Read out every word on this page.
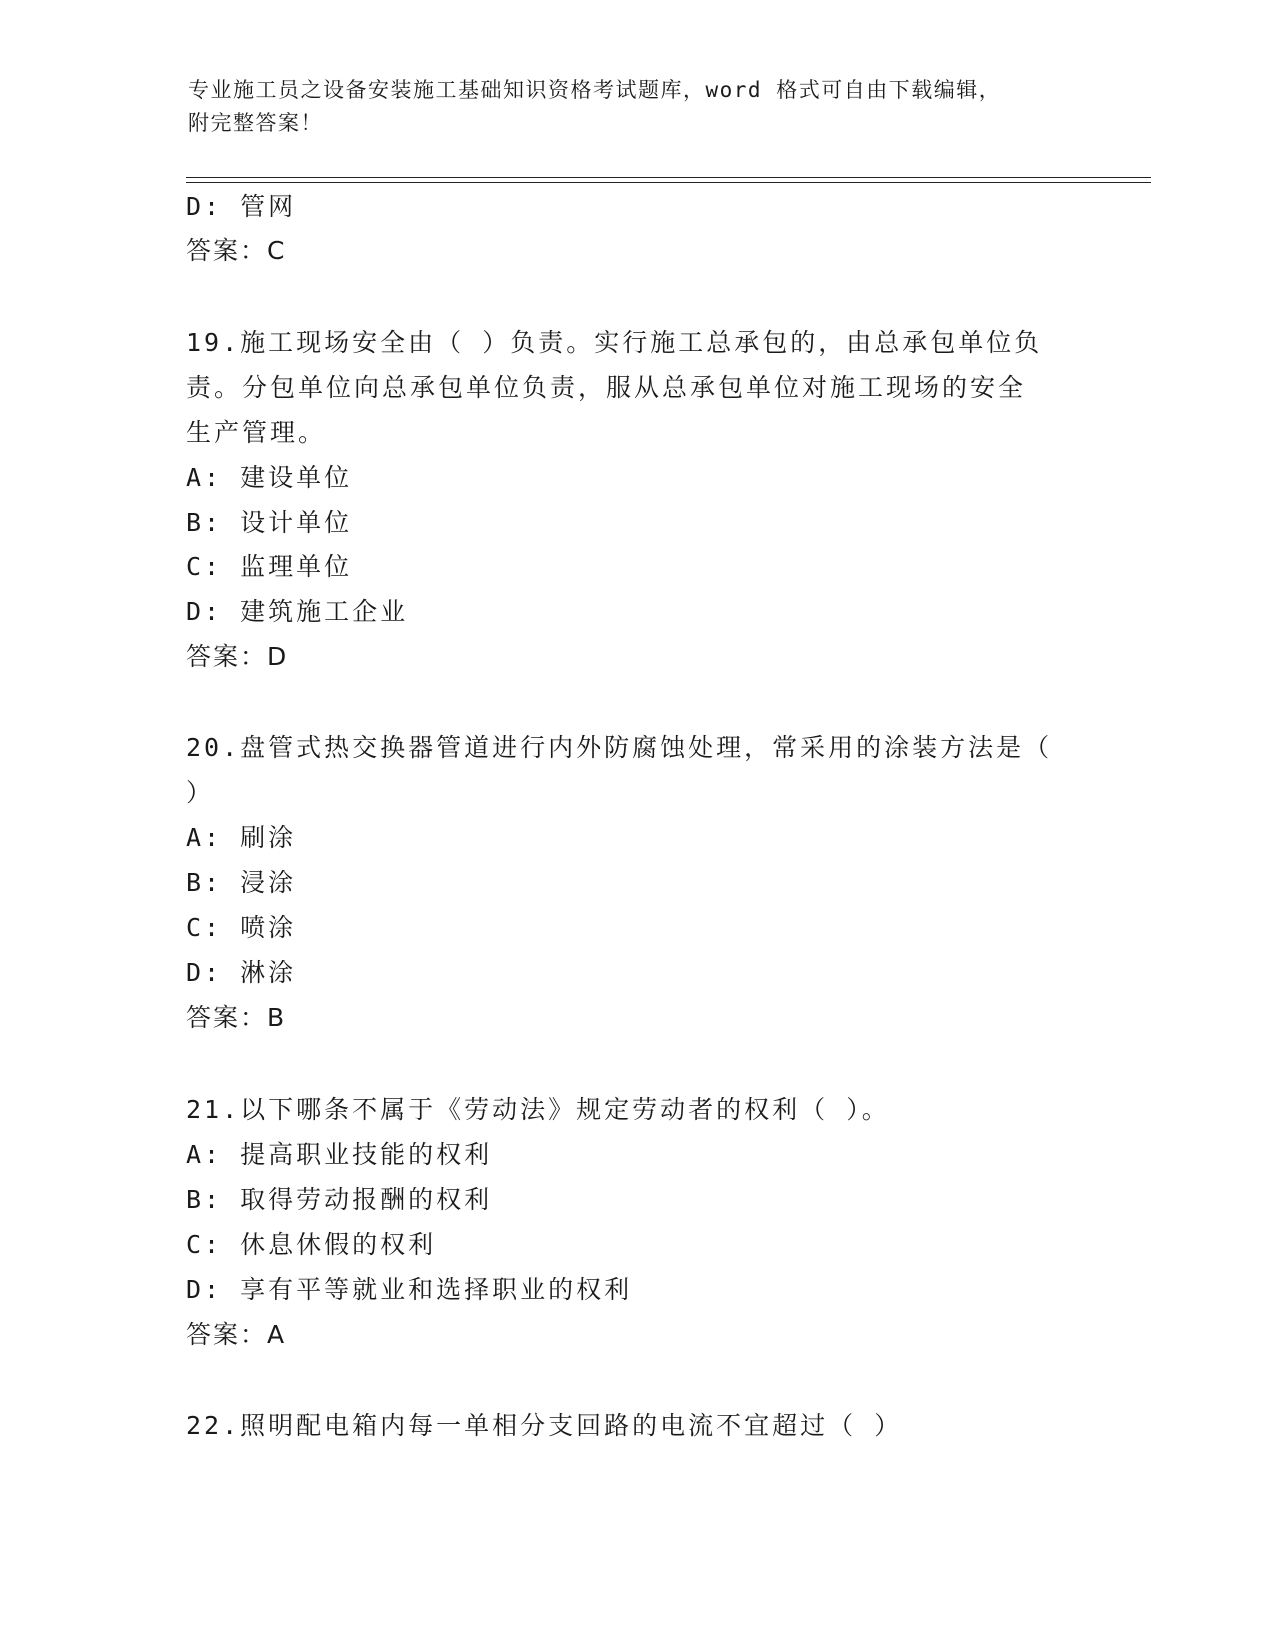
专业施工员之设备安装施工基础知识资格考试题库，word 格式可自由下载编辑，
附完整答案！
D: 管网
答案：C
19.施工现场安全由（ ）负责。实行施工总承包的，由总承包单位负
责。分包单位向总承包单位负责，服从总承包单位对施工现场的安全
生产管理。
A: 建设单位
B: 设计单位
C: 监理单位
D: 建筑施工企业
答案：D
20.盘管式热交换器管道进行内外防腐蚀处理，常采用的涂装方法是（
）
A: 刷涂
B: 浸涂
C: 喷涂
D: 淋涂
答案：B
21.以下哪条不属于《劳动法》规定劳动者的权利（ ）。
A: 提高职业技能的权利
B: 取得劳动报酬的权利
C: 休息休假的权利
D: 享有平等就业和选择职业的权利
答案：A
22.照明配电箱内每一单相分支回路的电流不宜超过（ ）
